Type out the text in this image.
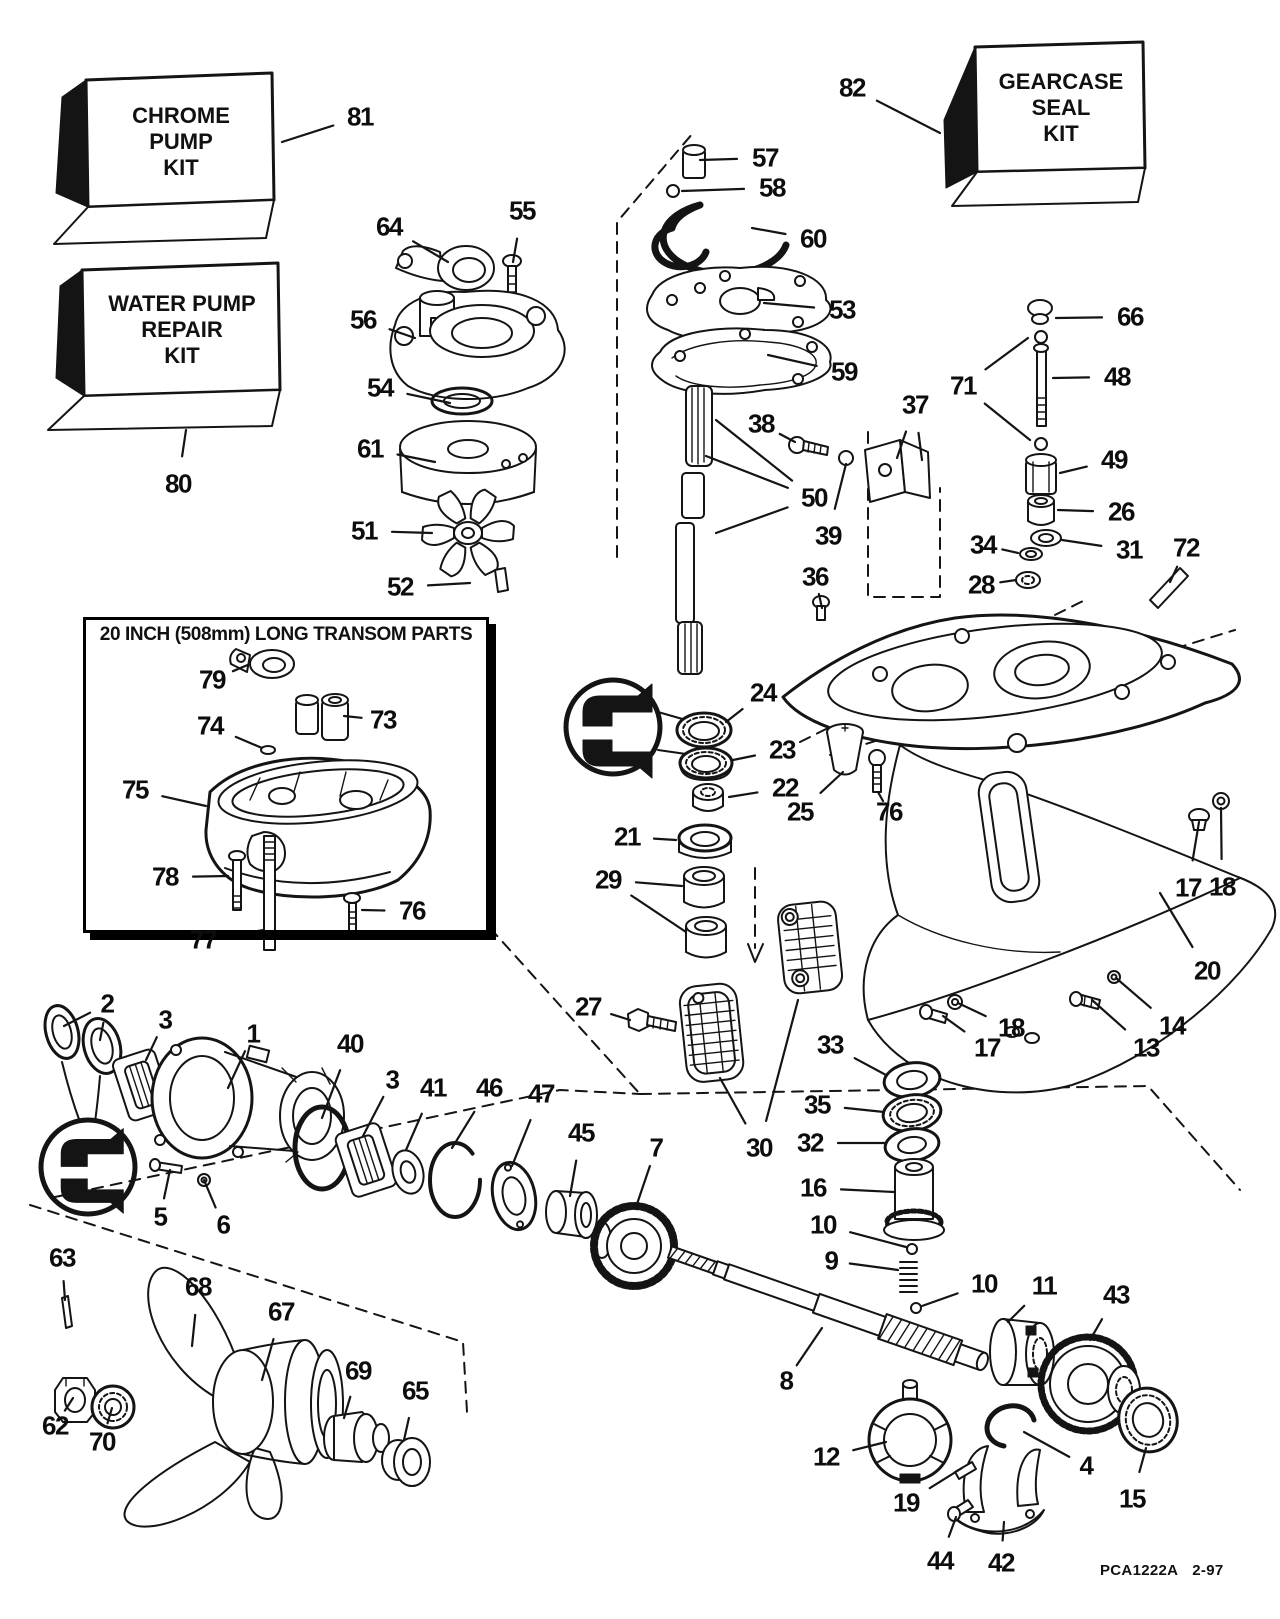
81
80
82
57
58
60
53
59
64
55
56
54
61
51
52
66
48
71
49
26
34	31 72
28
37
38
50
39
36
24
23
22
25 76
21
29	17 18
20
18
17
14
13
27
30
33
35
32
16
10
9
10
2
3	1	40
3 41 46 47
45 7
5 6
63
68
67
69
65
62
70
8
11 43
12
19
44 42
4
15
79
73
74
75
78
76
77
CHROME
PUMP
KIT
WATER PUMP
REPAIR
KIT
GEARCASE
SEAL
KIT
20 INCH (508mm) LONG TRANSOM PARTS
PCA1222A 2-97
